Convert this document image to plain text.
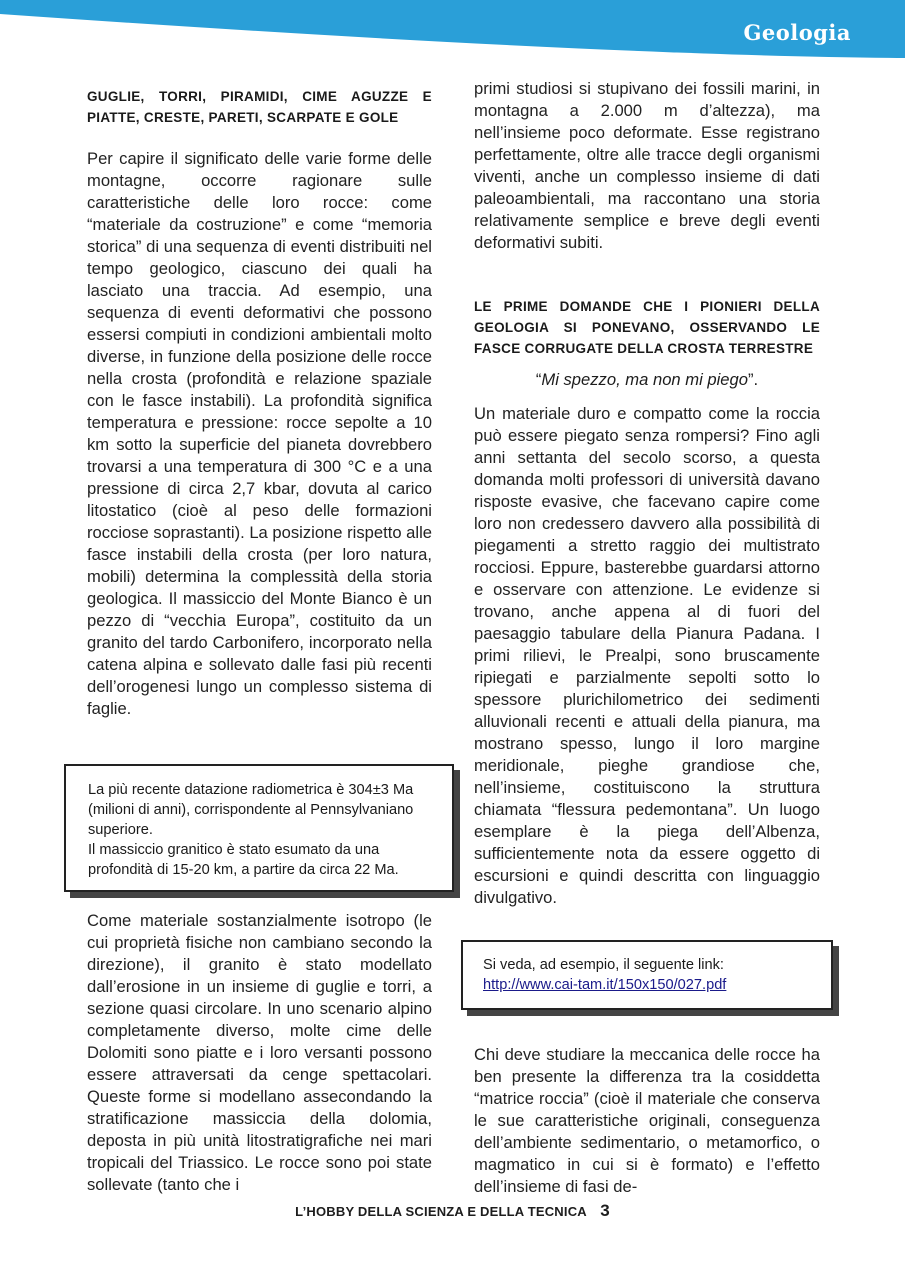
Geologia
GUGLIE, TORRI, PIRAMIDI, CIME AGUZZE E PIATTE, CRESTE, PARETI, SCARPATE E GOLE

Per capire il significato delle varie forme delle montagne, occorre ragionare sulle caratteristiche delle loro rocce: come “materiale da costruzione” e come “memoria storica” di una sequenza di eventi distribuiti nel tempo geologico, ciascuno dei quali ha lasciato una traccia. Ad esempio, una sequenza di eventi deformativi che possono essersi compiuti in condizioni ambientali molto diverse, in funzione della posizione delle rocce nella crosta (profondità e relazione spaziale con le fasce instabili). La profondità significa temperatura e pressione: rocce sepolte a 10 km sotto la superficie del pianeta dovrebbero trovarsi a una temperatura di 300 °C e a una pressione di circa 2,7 kbar, dovuta al carico litostatico (cioè al peso delle formazioni rocciose soprastanti). La posizione rispetto alle fasce instabili della crosta (per loro natura, mobili) determina la complessità della storia geologica. Il massiccio del Monte Bianco è un pezzo di “vecchia Europa”, costituito da un granito del tardo Carbonifero, incorporato nella catena alpina e sollevato dalle fasi più recenti dell’orogenesi lungo un complesso sistema di faglie.

La più recente datazione radiometrica è 304±3 Ma (milioni di anni), corrispondente al Pennsylvaniano superiore.

Il massiccio granitico è stato esumato da una profondità di 15-20 km, a partire da circa 22 Ma.

Come materiale sostanzialmente isotropo (le cui proprietà fisiche non cambiano secondo la direzione), il granito è stato modellato dall’erosione in un insieme di guglie e torri, a sezione quasi circolare. In uno scenario alpino completamente diverso, molte cime delle Dolomiti sono piatte e i loro versanti possono essere attraversati da cenge spettacolari. Queste forme si modellano assecondando la stratificazione massiccia della dolomia, deposta in più unità litostratigrafiche nei mari tropicali del Triassico. Le rocce sono poi state sollevate (tanto che i

primi studiosi si stupivano dei fossili marini, in montagna a 2.000 m d’altezza), ma nell’insieme poco deformate. Esse registrano perfettamente, oltre alle tracce degli organismi viventi, anche un complesso insieme di dati paleoambientali, ma raccontano una storia relativamente semplice e breve degli eventi deformativi subiti.

LE PRIME DOMANDE CHE I PIONIERI DELLA GEOLOGIA SI PONEVANO, OSSERVANDO LE FASCE CORRUGATE DELLA CROSTA TERRESTRE

“Mi spezzo, ma non mi piego”.

Un materiale duro e compatto come la roccia può essere piegato senza rompersi? Fino agli anni settanta del secolo scorso, a questa domanda molti professori di università davano risposte evasive, che facevano capire come loro non credessero davvero alla possibilità di piegamenti a stretto raggio dei multistrato rocciosi. Eppure, basterebbe guardarsi attorno e osservare con attenzione. Le evidenze si trovano, anche appena al di fuori del paesaggio tabulare della Pianura Padana. I primi rilievi, le Prealpi, sono bruscamente ripiegati e parzialmente sepolti sotto lo spessore plurichilometrico dei sedimenti alluvionali recenti e attuali della pianura, ma mostrano spesso, lungo il loro margine meridionale, pieghe grandiose che, nell’insieme, costituiscono la struttura chiamata “flessura pedemontana”. Un luogo esemplare è la piega dell’Albenza, sufficientemente nota da essere oggetto di escursioni e quindi descritta con linguaggio divulgativo.

Si veda, ad esempio, il seguente link:

http://www.cai-tam.it/150x150/027.pdf

Chi deve studiare la meccanica delle rocce ha ben presente la differenza tra la cosiddetta “matrice roccia” (cioè il materiale che conserva le sue caratteristiche originali, conseguenza dell’ambiente sedimentario, o metamorfico, o magmatico in cui si è formato) e l’effetto dell’insieme di fasi de-

L’HOBBY DELLA SCIENZA E DELLA TECNICA 3
